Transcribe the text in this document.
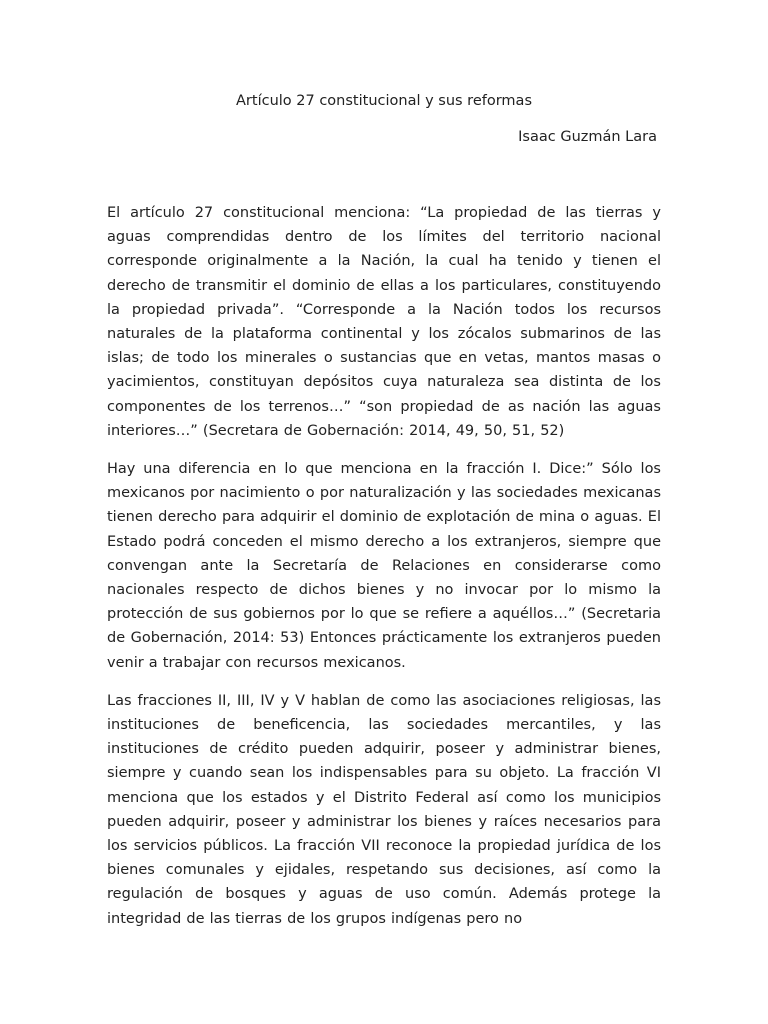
Artículo 27 constitucional y sus reformas

Isaac Guzmán Lara

El artículo 27 constitucional menciona: “La propiedad de las tierras y aguas comprendidas dentro de los límites del territorio nacional corresponde originalmente a la Nación, la cual ha tenido y tienen el derecho de transmitir el dominio de ellas a los particulares, constituyendo la propiedad privada”. “Corresponde a la Nación todos los recursos naturales de la plataforma continental y los zócalos submarinos de las islas; de todo los minerales o sustancias que en vetas, mantos masas o yacimientos, constituyan depósitos cuya naturaleza sea distinta de los componentes de los terrenos…” “son propiedad de as nación las aguas interiores…” (Secretara de Gobernación: 2014, 49, 50, 51, 52)

Hay una diferencia en lo que menciona en la fracción I. Dice:” Sólo los mexicanos por nacimiento o por naturalización y las sociedades mexicanas tienen derecho para adquirir el dominio de explotación de mina o aguas. El Estado podrá conceden el mismo derecho a los extranjeros, siempre que convengan ante la Secretaría de Relaciones en considerarse como nacionales respecto de dichos bienes y no invocar por lo mismo la protección de sus gobiernos por lo que se refiere a aquéllos…” (Secretaria de Gobernación, 2014: 53) Entonces prácticamente los extranjeros pueden venir a trabajar con recursos mexicanos.

Las fracciones II, III, IV y V hablan de como las asociaciones religiosas, las instituciones de beneficencia, las sociedades mercantiles, y las instituciones de crédito pueden adquirir, poseer y administrar bienes, siempre y cuando sean los indispensables para su objeto. La fracción VI menciona que los estados y el Distrito Federal así como los municipios pueden adquirir, poseer y administrar los bienes y raíces necesarios para los servicios públicos. La fracción VII reconoce la propiedad jurídica de los bienes comunales y ejidales, respetando sus decisiones, así como la regulación de bosques y aguas de uso común. Además protege la integridad de las tierras de los grupos indígenas pero no
